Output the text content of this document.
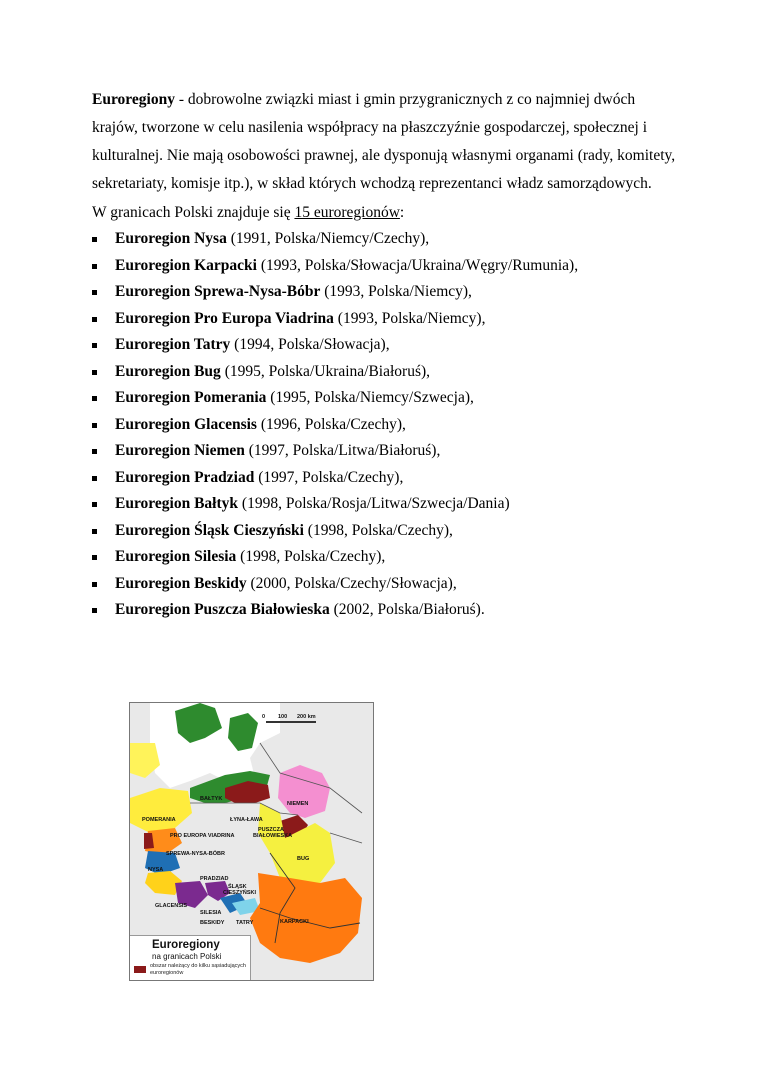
Euroregiony - dobrowolne związki miast i gmin przygranicznych z co najmniej dwóch krajów, tworzone w celu nasilenia współpracy na płaszczyźnie gospodarczej, społecznej i kulturalnej. Nie mają osobowości prawnej, ale dysponują własnymi organami (rady, komitety, sekretariaty, komisje itp.), w skład których wchodzą reprezentanci władz samorządowych.

W granicach Polski znajduje się 15 euroregionów:

Euroregion Nysa (1991, Polska/Niemcy/Czechy),
Euroregion Karpacki (1993, Polska/Słowacja/Ukraina/Węgry/Rumunia),
Euroregion Sprewa-Nysa-Bóbr (1993, Polska/Niemcy),
Euroregion Pro Europa Viadrina (1993, Polska/Niemcy),
Euroregion Tatry (1994, Polska/Słowacja),
Euroregion Bug (1995, Polska/Ukraina/Białoruś),
Euroregion Pomerania (1995, Polska/Niemcy/Szwecja),
Euroregion Glacensis (1996, Polska/Czechy),
Euroregion Niemen (1997, Polska/Litwa/Białoruś),
Euroregion Pradziad (1997, Polska/Czechy),
Euroregion Bałtyk (1998, Polska/Rosja/Litwa/Szwecja/Dania)
Euroregion Śląsk Cieszyński (1998, Polska/Czechy),
Euroregion Silesia (1998, Polska/Czechy),
Euroregion Beskidy (2000, Polska/Czechy/Słowacja),
Euroregion Puszcza Białowieska (2002, Polska/Białoruś).
0 100 200 km
BAŁTYK
NIEMEN
POMERANIA	ŁYNA-ŁAWA
PUSZCZA
BIAŁOWIESKA
PRO EUROPA VIADRINA
SPREWA-NYSA-BÓBR
NYSA
BUG
PRADZIAD
ŚLĄSK
CIESZYŃSKI
GLACENSIS
SILESIA
BESKIDY TATRY	KARPACKI
Euroregiony
na granicach Polski
obszar należący do kilku sąsiadujących euroregionów
